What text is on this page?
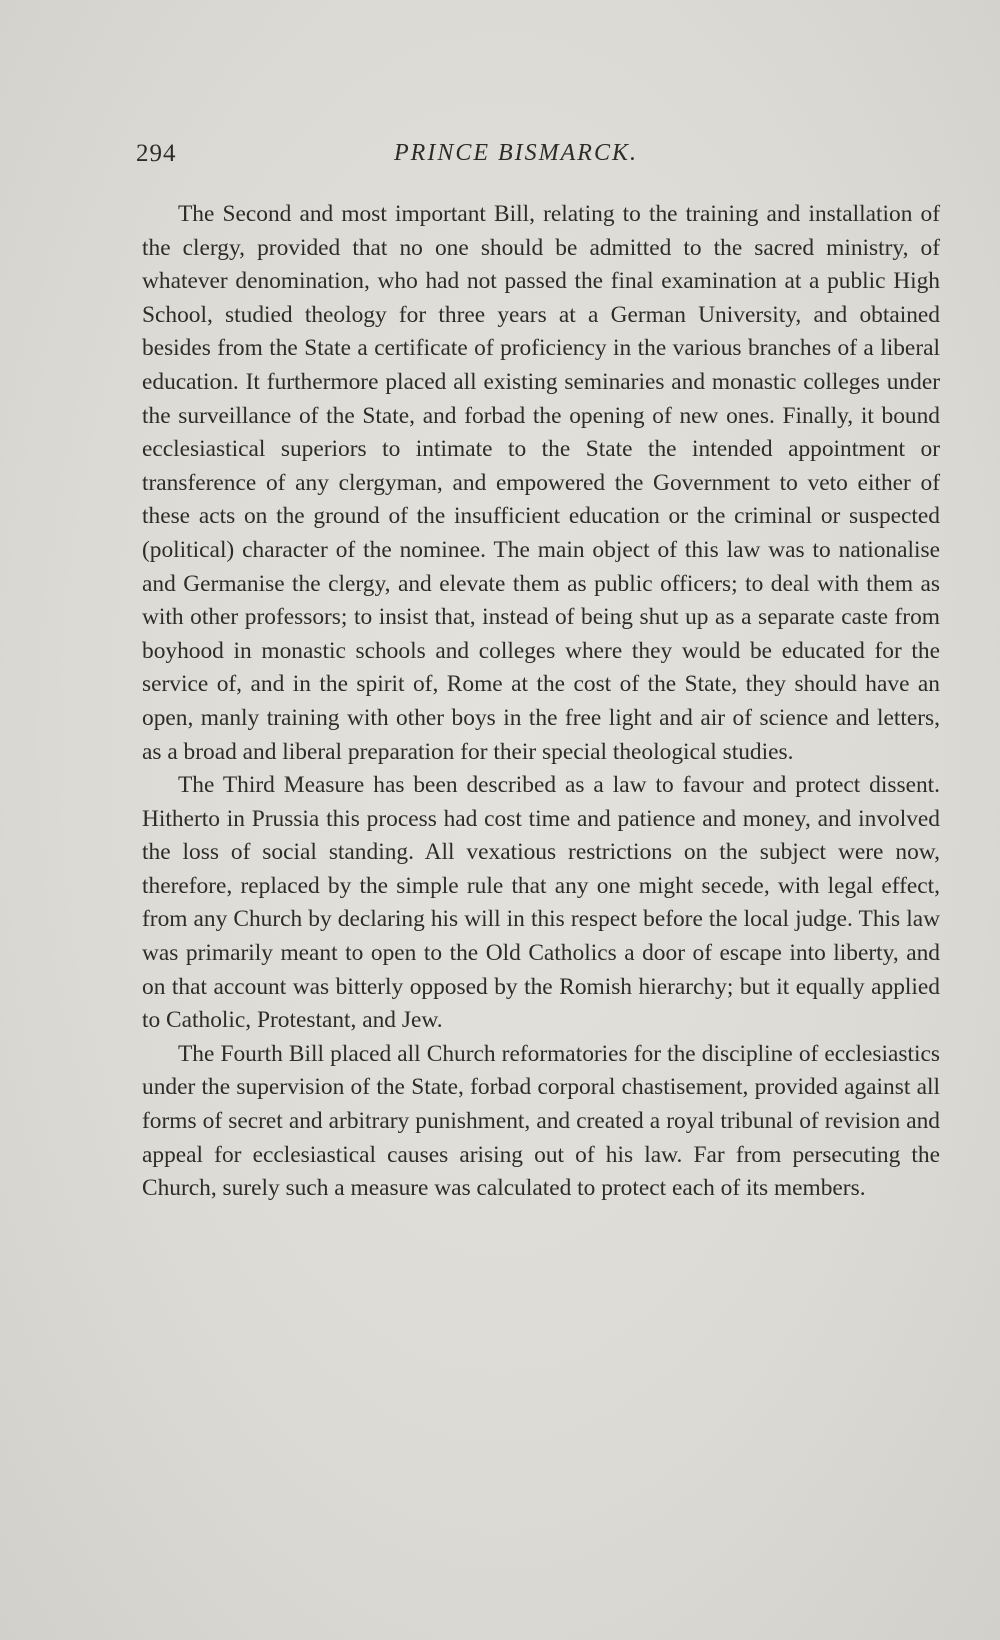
294	PRINCE BISMARCK.

The Second and most important Bill, relating to the training and installation of the clergy, provided that no one should be admitted to the sacred ministry, of whatever denomination, who had not passed the final examination at a public High School, studied theology for three years at a German University, and obtained besides from the State a certificate of proficiency in the various branches of a liberal education. It furthermore placed all existing seminaries and monastic colleges under the surveillance of the State, and forbad the opening of new ones. Finally, it bound ecclesiastical superiors to intimate to the State the intended appointment or transference of any clergyman, and empowered the Government to veto either of these acts on the ground of the insufficient education or the criminal or suspected (political) character of the nominee. The main object of this law was to nationalise and Germanise the clergy, and elevate them as public officers; to deal with them as with other professors; to insist that, instead of being shut up as a separate caste from boyhood in monastic schools and colleges where they would be educated for the service of, and in the spirit of, Rome at the cost of the State, they should have an open, manly training with other boys in the free light and air of science and letters, as a broad and liberal preparation for their special theological studies.

The Third Measure has been described as a law to favour and protect dissent. Hitherto in Prussia this process had cost time and patience and money, and involved the loss of social standing. All vexatious restrictions on the subject were now, therefore, replaced by the simple rule that any one might secede, with legal effect, from any Church by declaring his will in this respect before the local judge. This law was primarily meant to open to the Old Catholics a door of escape into liberty, and on that account was bitterly opposed by the Romish hierarchy; but it equally applied to Catholic, Protestant, and Jew.

The Fourth Bill placed all Church reformatories for the discipline of ecclesiastics under the supervision of the State, forbad corporal chastisement, provided against all forms of secret and arbitrary punishment, and created a royal tribunal of revision and appeal for ecclesiastical causes arising out of his law. Far from persecuting the Church, surely such a measure was calculated to protect each of its members.
